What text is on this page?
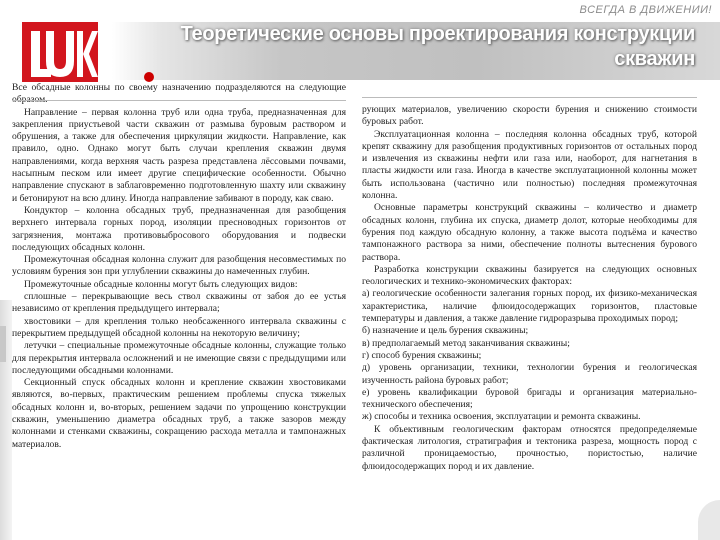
ВСЕГДА В ДВИЖЕНИИ!
Теоретические основы проектирования конструкции
скважин

Все обсадные колонны по своему назначению подразделяются на следующие образом.

Направление – первая колонна труб или одна труба, предназначенная для закрепления приустьевой части скважин от размыва буровым раствором и обрушения, а также для обеспечения циркуляции жидкости. Направление, как правило, одно. Однако могут быть случаи крепления скважин двумя направлениями, когда верхняя часть разреза представлена лёссовыми почвами, насыпным песком или имеет другие специфические особенности. Обычно направление спускают в заблаговременно подготовленную шахту или скважину и бетонируют на всю длину. Иногда направление забивают в породу, как сваю.

Кондуктор – колонна обсадных труб, предназначенная для разобщения верхнего интервала горных пород, изоляции пресноводных горизонтов от загрязнения, монтажа противовыбросового оборудования и подвески последующих обсадных колонн.

Промежуточная обсадная колонна служит для разобщения несовместимых по условиям бурения зон при углублении скважины до намеченных глубин.

Промежуточные обсадные колонны могут быть следующих видов:

сплошные – перекрывающие весь ствол скважины от забоя до ее устья независимо от крепления предыдущего интервала;

хвостовики – для крепления только необсаженного интервала скважины с перекрытием предыдущей обсадной колонны на некоторую величину;

летучки – специальные промежуточные обсадные колонны, служащие только для перекрытия интервала осложнений и не имеющие связи с предыдущими или последующими обсадными колоннами.

Секционный спуск обсадных колонн и крепление скважин хвостовиками являются, во-первых, практическим решением проблемы спуска тяжелых обсадных колонн и, во-вторых, решением задачи по упрощению конструкции скважин, уменьшению диаметра обсадных труб, а также зазоров между колоннами и стенками скважины, сокращению расхода металла и тампонажных материалов.

рующих материалов, увеличению скорости бурения и снижению стоимости буровых работ.

Эксплуатационная колонна – последняя колонна обсадных труб, которой крепят скважину для разобщения продуктивных горизонтов от остальных пород и извлечения из скважины нефти или газа или, наоборот, для нагнетания в пласты жидкости или газа. Иногда в качестве эксплуатационной колонны может быть использована (частично или полностью) последняя промежуточная колонна.

Основные параметры конструкций скважины – количество и диаметр обсадных колонн, глубина их спуска, диаметр долот, которые необходимы для бурения под каждую обсадную колонну, а также высота подъёма и качество тампонажного раствора за ними, обеспечение полноты вытеснения бурового раствора.

Разработка конструкции скважины базируется на следующих основных геологических и технико-экономических факторах:

а) геологические особенности залегания горных пород, их физико-механическая характеристика, наличие флюидосодержащих горизонтов, пластовые температуры и давления, а также давление гидроразрыва проходимых пород;

б) назначение и цель бурения скважины;

в) предполагаемый метод заканчивания скважины;

г) способ бурения скважины;

д) уровень организации, техники, технологии бурения и геологическая изученность района буровых работ;

е) уровень квалификации буровой бригады и организация материально-технического обеспечения;

ж) способы и техника освоения, эксплуатации и ремонта скважины.

К объективным геологическим факторам относятся предопределяемые фактическая литология, стратиграфия и тектоника разреза, мощность пород с различной проницаемостью, прочностью, пористостью, наличие флюидосодержащих пород и их давление.
